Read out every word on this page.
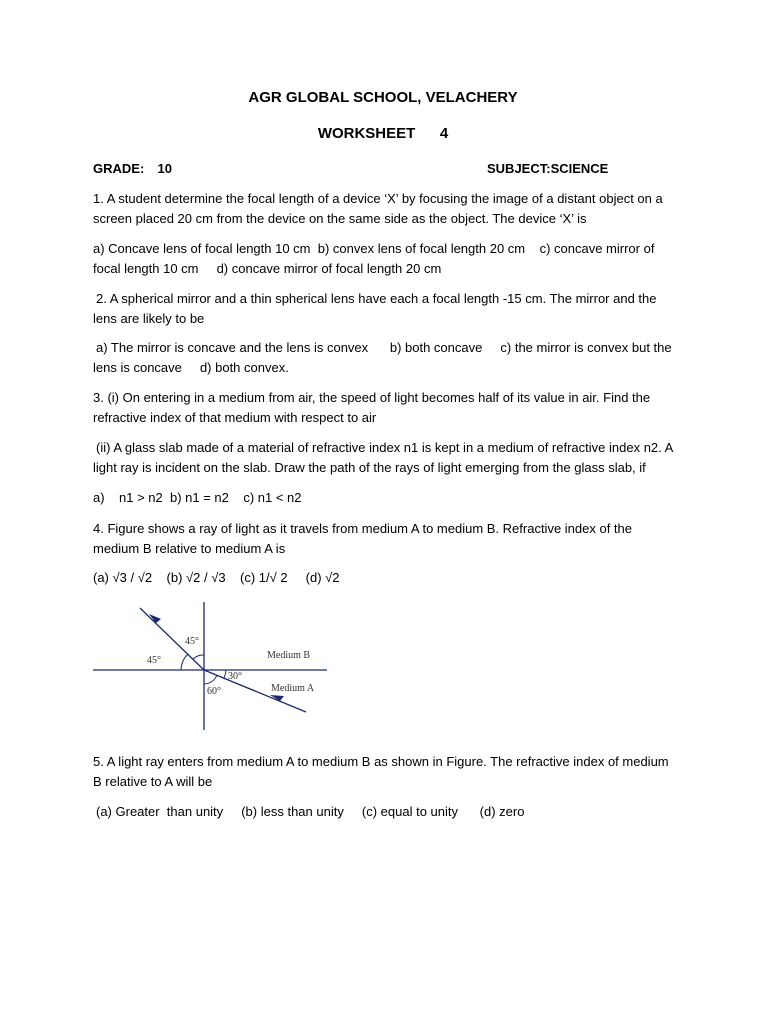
AGR GLOBAL SCHOOL, VELACHERY
WORKSHEET   4
GRADE:  10	SUBJECT:SCIENCE

1. A student determine the focal length of a device ‘X’ by focusing the image of a distant object on a screen placed 20 cm from the device on the same side as the object. The device ‘X’ is

a) Concave lens of focal length 10 cm  b) convex lens of focal length 20 cm    c) concave mirror of focal length 10 cm     d) concave mirror of focal length 20 cm

2. A spherical mirror and a thin spherical lens have each a focal length -15 cm. The mirror and the lens are likely to be

a) The mirror is concave and the lens is convex      b) both concave     c) the mirror is convex but the lens is concave     d) both convex.

3. (i) On entering in a medium from air, the speed of light becomes half of its value in air. Find the refractive index of that medium with respect to air

(ii) A glass slab made of a material of refractive index n1 is kept in a medium of refractive index n2. A light ray is incident on the slab. Draw the path of the rays of light emerging from the glass slab, if

a)    n1 > n2  b) n1 = n2    c) n1 < n2

4. Figure shows a ray of light as it travels from medium A to medium B. Refractive index of the medium B relative to medium A is

(a) √3 / √2    (b) √2 / √3    (c) 1/√ 2     (d) √2

45°
45°
30°
60°
Medium B
Medium A

5. A light ray enters from medium A to medium B as shown in Figure. The refractive index of medium B relative to A will be

(a) Greater  than unity     (b) less than unity     (c) equal to unity      (d) zero
